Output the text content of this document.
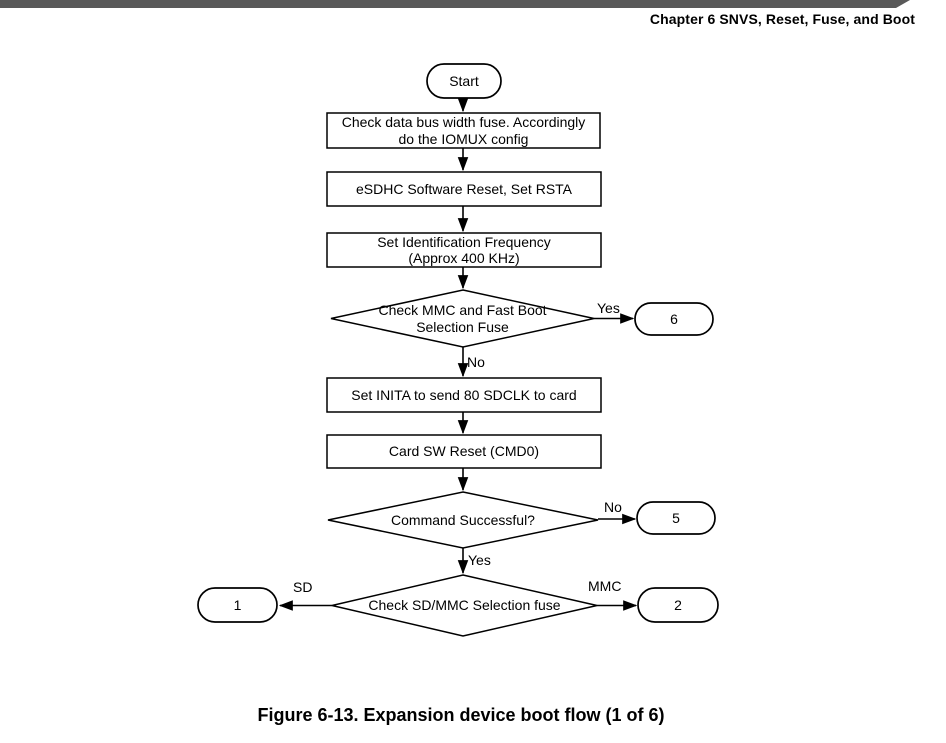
Chapter 6 SNVS, Reset, Fuse, and Boot
Start
Check data bus width fuse. Accordingly
do the IOMUX config
eSDHC Software Reset, Set RSTA
Set Identification Frequency
(Approx 400 KHz)
Check MMC and Fast Boot
Selection Fuse
Set INITA to send 80 SDCLK to card
Card SW Reset (CMD0)
Command Successful?
Check SD/MMC Selection fuse
6
5
1	2
Yes
No
No
Yes
SD	MMC
Figure 6-13. Expansion device boot flow (1 of 6)
